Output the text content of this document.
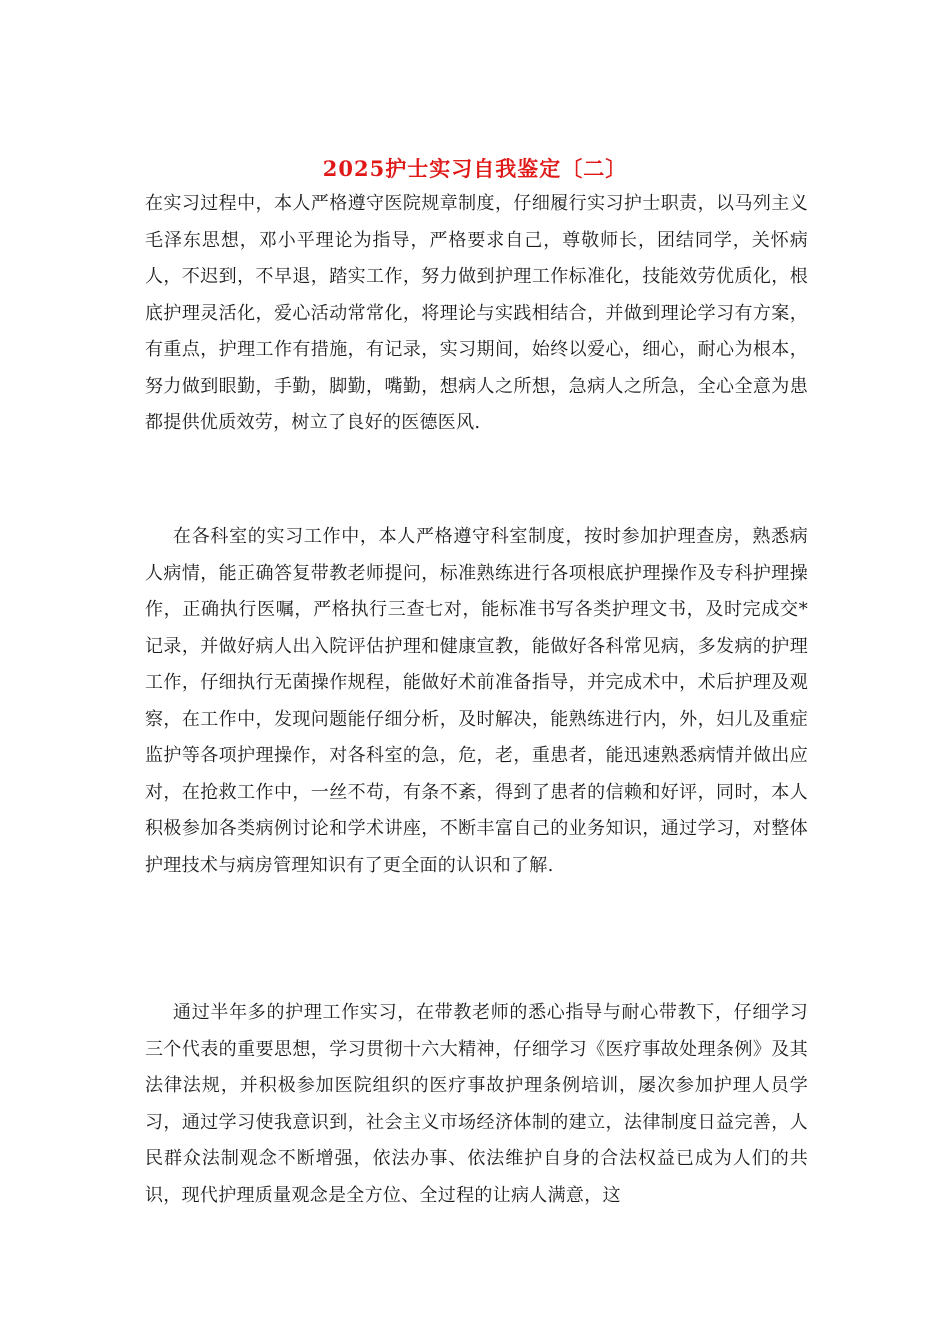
2025护士实习自我鉴定〔二〕

在实习过程中，本人严格遵守医院规章制度，仔细履行实习护士职责，以马列主义毛泽东思想，邓小平理论为指导，严格要求自己，尊敬师长，团结同学，关怀病人，不迟到，不早退，踏实工作，努力做到护理工作标准化，技能效劳优质化，根底护理灵活化，爱心活动常常化，将理论与实践相结合，并做到理论学习有方案，有重点，护理工作有措施，有记录，实习期间，始终以爱心，细心，耐心为根本，努力做到眼勤，手勤，脚勤，嘴勤，想病人之所想，急病人之所急，全心全意为患都提供优质效劳，树立了良好的医德医风.

在各科室的实习工作中，本人严格遵守科室制度，按时参加护理查房，熟悉病人病情，能正确答复带教老师提问，标准熟练进行各项根底护理操作及专科护理操作，正确执行医嘱，严格执行三查七对，能标准书写各类护理文书，及时完成交*记录，并做好病人出入院评估护理和健康宣教，能做好各科常见病，多发病的护理工作，仔细执行无菌操作规程，能做好术前准备指导，并完成术中，术后护理及观察，在工作中，发现问题能仔细分析，及时解决，能熟练进行内，外，妇儿及重症监护等各项护理操作，对各科室的急，危，老，重患者，能迅速熟悉病情并做出应对，在抢救工作中，一丝不苟，有条不紊，得到了患者的信赖和好评，同时，本人积极参加各类病例讨论和学术讲座，不断丰富自己的业务知识，通过学习，对整体护理技术与病房管理知识有了更全面的认识和了解.

通过半年多的护理工作实习，在带教老师的悉心指导与耐心带教下，仔细学习三个代表的重要思想，学习贯彻十六大精神，仔细学习《医疗事故处理条例》及其法律法规，并积极参加医院组织的医疗事故护理条例培训，屡次参加护理人员学习，通过学习使我意识到，社会主义市场经济体制的建立，法律制度日益完善，人民群众法制观念不断增强，依法办事、依法维护自身的合法权益已成为人们的共识，现代护理质量观念是全方位、全过程的让病人满意，这
